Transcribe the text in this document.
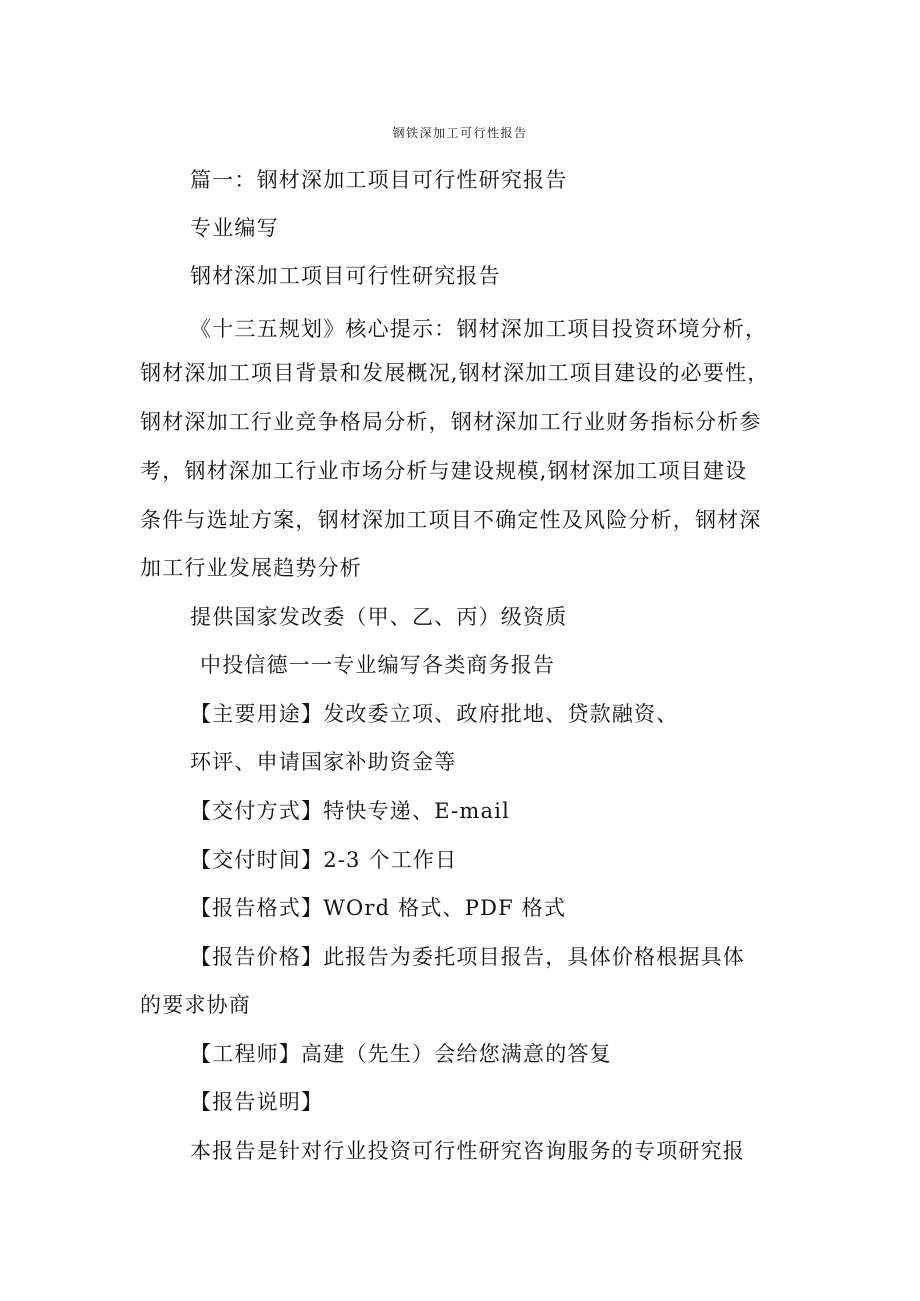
钢铁深加工可行性报告
篇一：钢材深加工项目可行性研究报告
专业编写
钢材深加工项目可行性研究报告
《十三五规划》核心提示：钢材深加工项目投资环境分析，
钢材深加工项目背景和发展概况,钢材深加工项目建设的必要性，
钢材深加工行业竞争格局分析，钢材深加工行业财务指标分析参
考，钢材深加工行业市场分析与建设规模,钢材深加工项目建设
条件与选址方案，钢材深加工项目不确定性及风险分析，钢材深
加工行业发展趋势分析
提供国家发改委（甲、乙、丙）级资质
中投信德一一专业编写各类商务报告
【主要用途】发改委立项、政府批地、贷款融资、
环评、申请国家补助资金等
【交付方式】特快专递、E-mail
【交付时间】2-3 个工作日
【报告格式】WOrd 格式、PDF 格式
【报告价格】此报告为委托项目报告，具体价格根据具体
的要求协商
【工程师】高建（先生）会给您满意的答复
【报告说明】
本报告是针对行业投资可行性研究咨询服务的专项研究报
